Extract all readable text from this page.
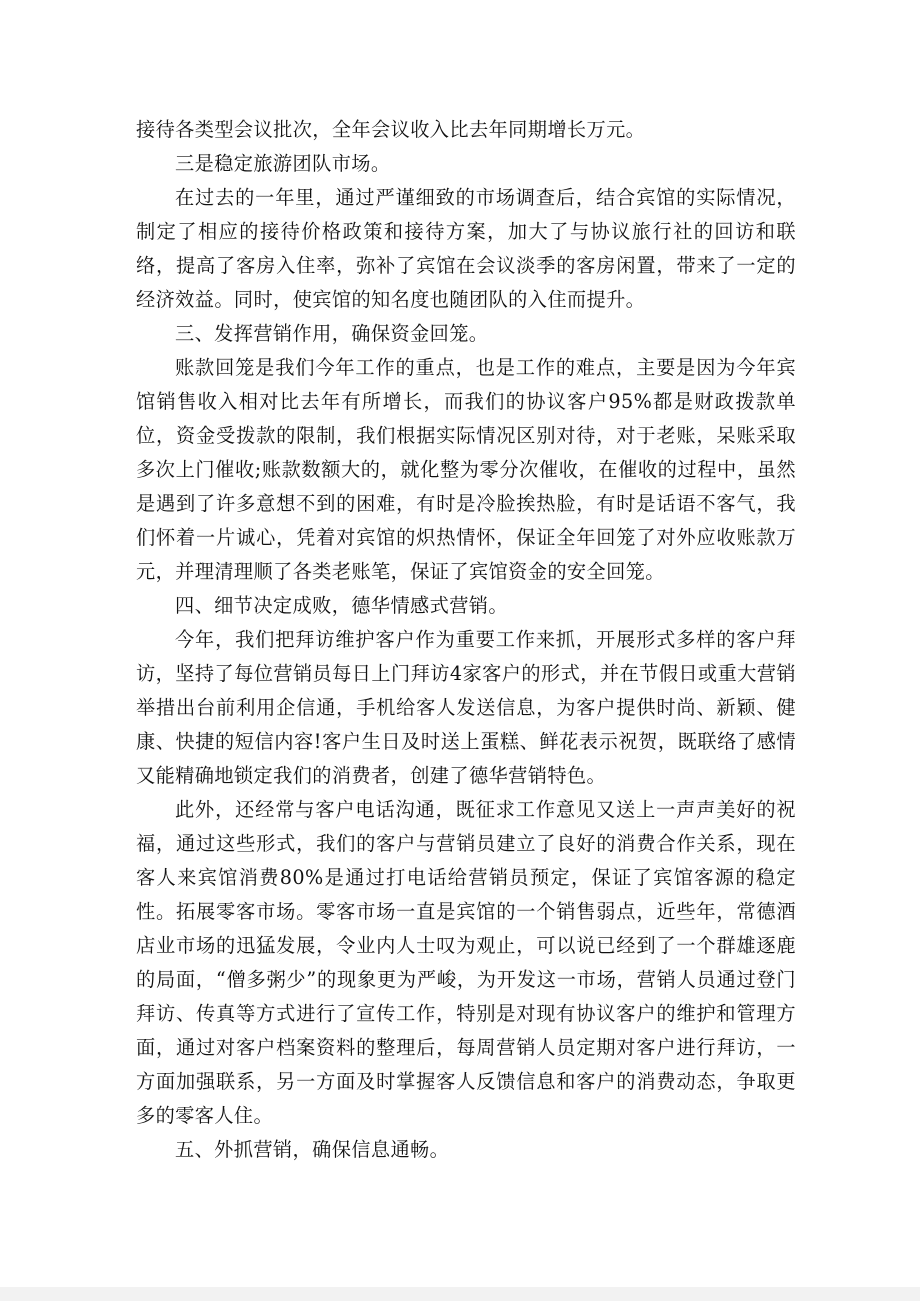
接待各类型会议批次，全年会议收入比去年同期增长万元。

三是稳定旅游团队市场。

在过去的一年里，通过严谨细致的市场调查后，结合宾馆的实际情况，制定了相应的接待价格政策和接待方案，加大了与协议旅行社的回访和联络，提高了客房入住率，弥补了宾馆在会议淡季的客房闲置，带来了一定的经济效益。同时，使宾馆的知名度也随团队的入住而提升。

三、发挥营销作用，确保资金回笼。

账款回笼是我们今年工作的重点，也是工作的难点，主要是因为今年宾馆销售收入相对比去年有所增长，而我们的协议客户95%都是财政拨款单位，资金受拨款的限制，我们根据实际情况区别对待，对于老账，呆账采取多次上门催收;账款数额大的，就化整为零分次催收，在催收的过程中，虽然是遇到了许多意想不到的困难，有时是冷脸挨热脸，有时是话语不客气，我们怀着一片诚心，凭着对宾馆的炽热情怀，保证全年回笼了对外应收账款万元，并理清理顺了各类老账笔，保证了宾馆资金的安全回笼。

四、细节决定成败，德华情感式营销。

今年，我们把拜访维护客户作为重要工作来抓，开展形式多样的客户拜访，坚持了每位营销员每日上门拜访4家客户的形式，并在节假日或重大营销举措出台前利用企信通，手机给客人发送信息，为客户提供时尚、新颖、健康、快捷的短信内容!客户生日及时送上蛋糕、鲜花表示祝贺，既联络了感情又能精确地锁定我们的消费者，创建了德华营销特色。

此外，还经常与客户电话沟通，既征求工作意见又送上一声声美好的祝福，通过这些形式，我们的客户与营销员建立了良好的消费合作关系，现在客人来宾馆消费80%是通过打电话给营销员预定，保证了宾馆客源的稳定性。拓展零客市场。零客市场一直是宾馆的一个销售弱点，近些年，常德酒店业市场的迅猛发展，令业内人士叹为观止，可以说已经到了一个群雄逐鹿的局面，“僧多粥少”的现象更为严峻，为开发这一市场，营销人员通过登门拜访、传真等方式进行了宣传工作，特别是对现有协议客户的维护和管理方面，通过对客户档案资料的整理后，每周营销人员定期对客户进行拜访，一方面加强联系，另一方面及时掌握客人反馈信息和客户的消费动态，争取更多的零客人住。

五、外抓营销，确保信息通畅。
